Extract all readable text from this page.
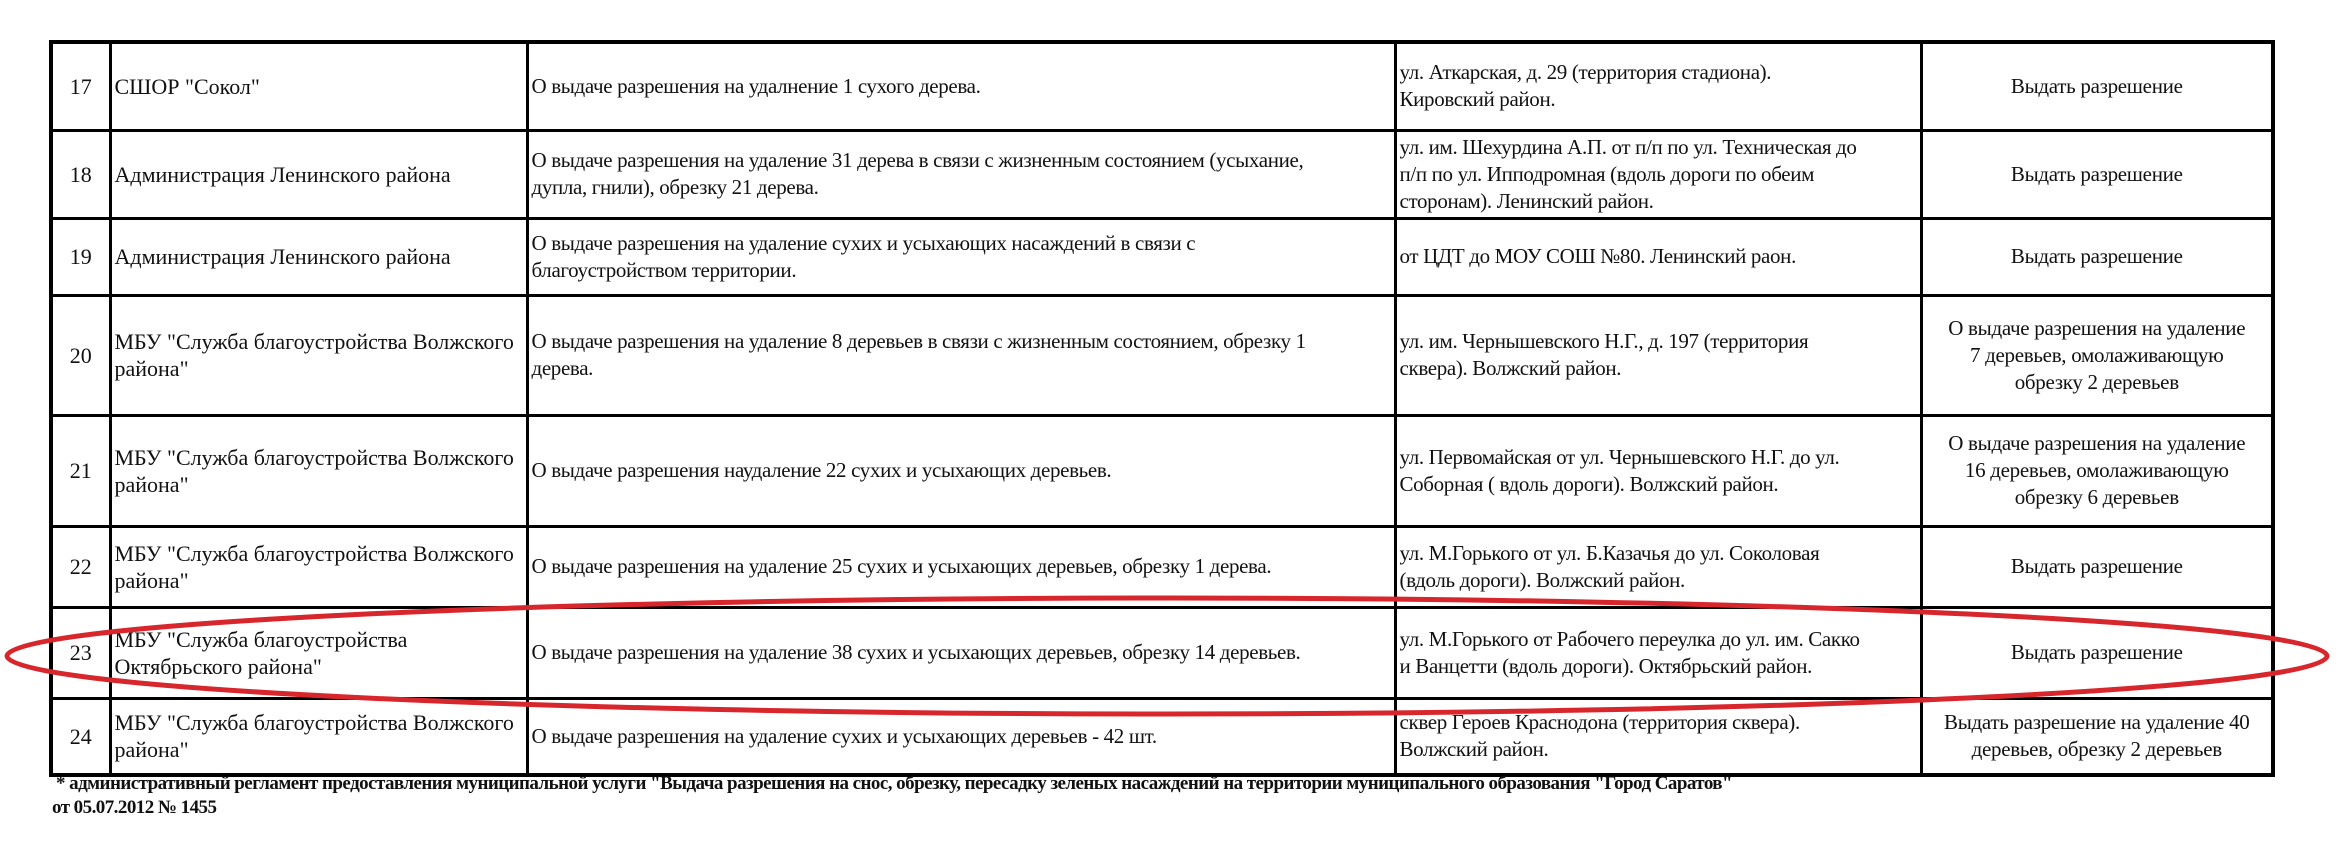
17	СШОР "Сокол"	О выдаче разрешения на удалнение 1 сухого дерева.	ул. Аткарская, д. 29 (территория стадиона).
Кировский район.	Выдать разрешение

18	Администрация Ленинского района	О выдаче разрешения на удаление 31 дерева в связи с жизненным состоянием (усыхание,
дупла, гнили), обрезку 21 дерева.	ул. им. Шехурдина А.П. от п/п по ул. Техническая до
п/п по ул. Ипподромная (вдоль дороги по обеим
сторонам). Ленинский район.	Выдать разрешение

19	Администрация Ленинского района	О выдаче разрешения на удаление сухих и усыхающих насаждений в связи с
благоустройством территории.	от ЦДТ до МОУ СОШ №80. Ленинский раон.	Выдать разрешение

20	МБУ "Служба благоустройства Волжского
района"	О выдаче разрешения на удаление 8 деревьев в связи с жизненным состоянием, обрезку 1
дерева.	ул. им. Чернышевского Н.Г., д. 197 (территория
сквера). Волжский район.	О выдаче разрешения на удаление
7 деревьев, омолаживающую
обрезку 2 деревьев

21	МБУ "Служба благоустройства Волжского
района"	О выдаче разрешения наудаление 22 сухих и усыхающих деревьев.	ул. Первомайская от ул. Чернышевского Н.Г. до ул.
Соборная ( вдоль дороги). Волжский район.	О выдаче разрешения на удаление
16 деревьев, омолаживающую
обрезку 6 деревьев

22	МБУ "Служба благоустройства Волжского
района"	О выдаче разрешения на удаление 25 сухих и усыхающих деревьев, обрезку 1 дерева.	ул. М.Горького от ул. Б.Казачья до ул. Соколовая
(вдоль дороги). Волжский район.	Выдать разрешение

23	МБУ "Служба благоустройства
Октябрьского района"	О выдаче разрешения на удаление 38 сухих и усыхающих деревьев, обрезку 14 деревьев.	ул. М.Горького от Рабочего переулка до ул. им. Сакко
и Ванцетти (вдоль дороги). Октябрьский район.	Выдать разрешение

24	МБУ "Служба благоустройства Волжского
района"	О выдаче разрешения на удаление сухих и усыхающих деревьев - 42 шт.	сквер Героев Краснодона (территория сквера).
Волжский район.	Выдать разрешение на удаление 40
деревьев, обрезку 2 деревьев
* административный регламент предоставления муниципальной услуги "Выдача разрешения на снос, обрезку, пересадку зеленых насаждений на территории муниципального образования "Город Саратов"
от 05.07.2012 № 1455
